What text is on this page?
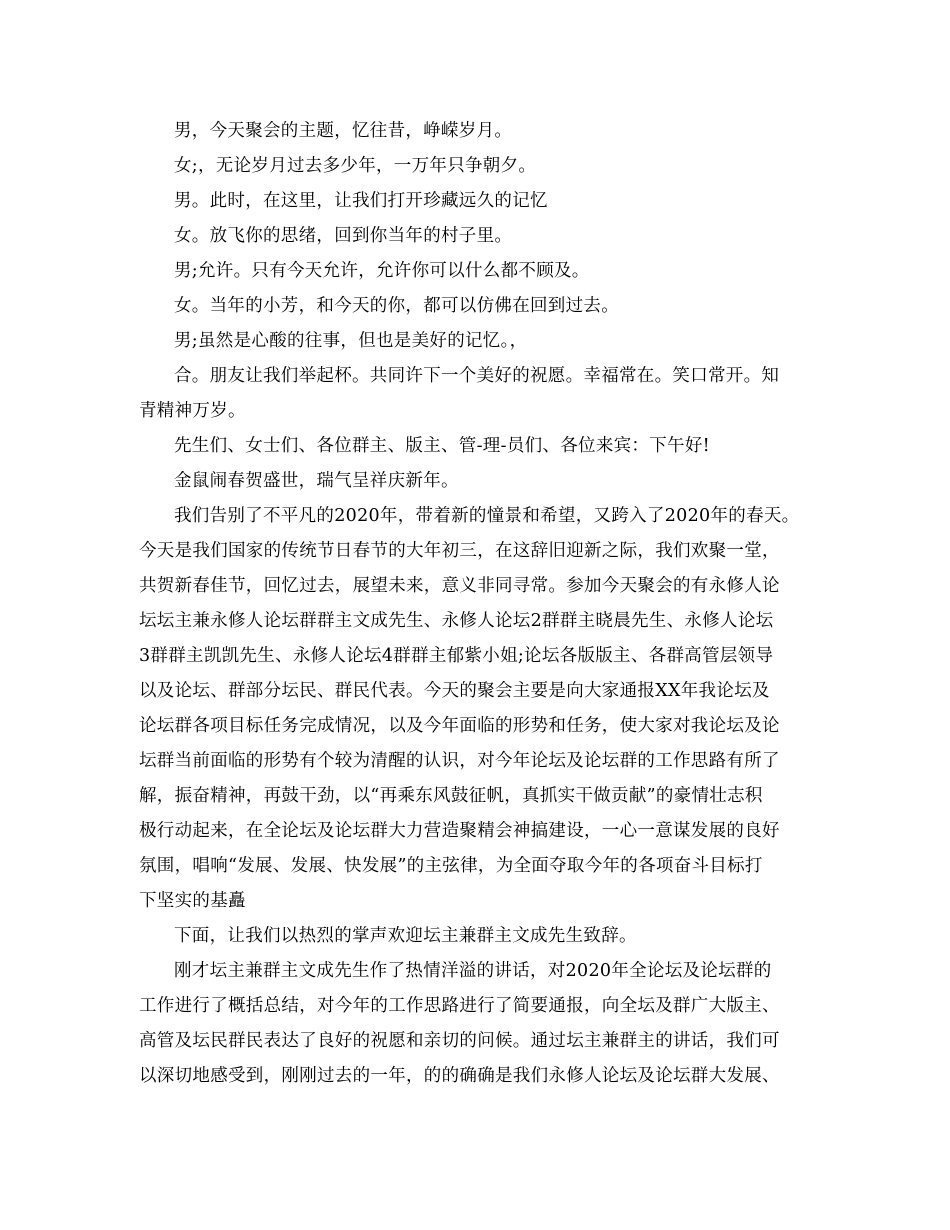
男，今天聚会的主题，忆往昔，峥嵘岁月。

女;，无论岁月过去多少年，一万年只争朝夕。

男。此时，在这里，让我们打开珍藏远久的记忆

女。放飞你的思绪，回到你当年的村子里。

男;允许。只有今天允许，允许你可以什么都不顾及。

女。当年的小芳，和今天的你，都可以仿佛在回到过去。

男;虽然是心酸的往事，但也是美好的记忆。，

合。朋友让我们举起杯。共同许下一个美好的祝愿。幸福常在。笑口常开。知

青精神万岁。

先生们、女士们、各位群主、版主、管-理-员们、各位来宾：下午好!

金鼠闹春贺盛世，瑞气呈祥庆新年。

我们告别了不平凡的2020年，带着新的憧景和希望，又跨入了2020年的春天。

今天是我们国家的传统节日春节的大年初三，在这辞旧迎新之际，我们欢聚一堂，

共贺新春佳节，回忆过去，展望未来，意义非同寻常。参加今天聚会的有永修人论

坛坛主兼永修人论坛群群主文成先生、永修人论坛2群群主晓晨先生、永修人论坛

3群群主凯凯先生、永修人论坛4群群主郁紫小姐;论坛各版版主、各群高管层领导

以及论坛、群部分坛民、群民代表。今天的聚会主要是向大家通报XX年我论坛及

论坛群各项目标任务完成情况，以及今年面临的形势和任务，使大家对我论坛及论

坛群当前面临的形势有个较为清醒的认识，对今年论坛及论坛群的工作思路有所了

解，振奋精神，再鼓干劲，以“再乘东风鼓征帆，真抓实干做贡献”的豪情壮志积

极行动起来，在全论坛及论坛群大力营造聚精会神搞建设，一心一意谋发展的良好

氛围，唱响“发展、发展、快发展”的主弦律，为全面夺取今年的各项奋斗目标打

下坚实的基矗

下面，让我们以热烈的掌声欢迎坛主兼群主文成先生致辞。

刚才坛主兼群主文成先生作了热情洋溢的讲话，对2020年全论坛及论坛群的

工作进行了概括总结，对今年的工作思路进行了简要通报，向全坛及群广大版主、

高管及坛民群民表达了良好的祝愿和亲切的问候。通过坛主兼群主的讲话，我们可

以深切地感受到，刚刚过去的一年，的的确确是我们永修人论坛及论坛群大发展、
